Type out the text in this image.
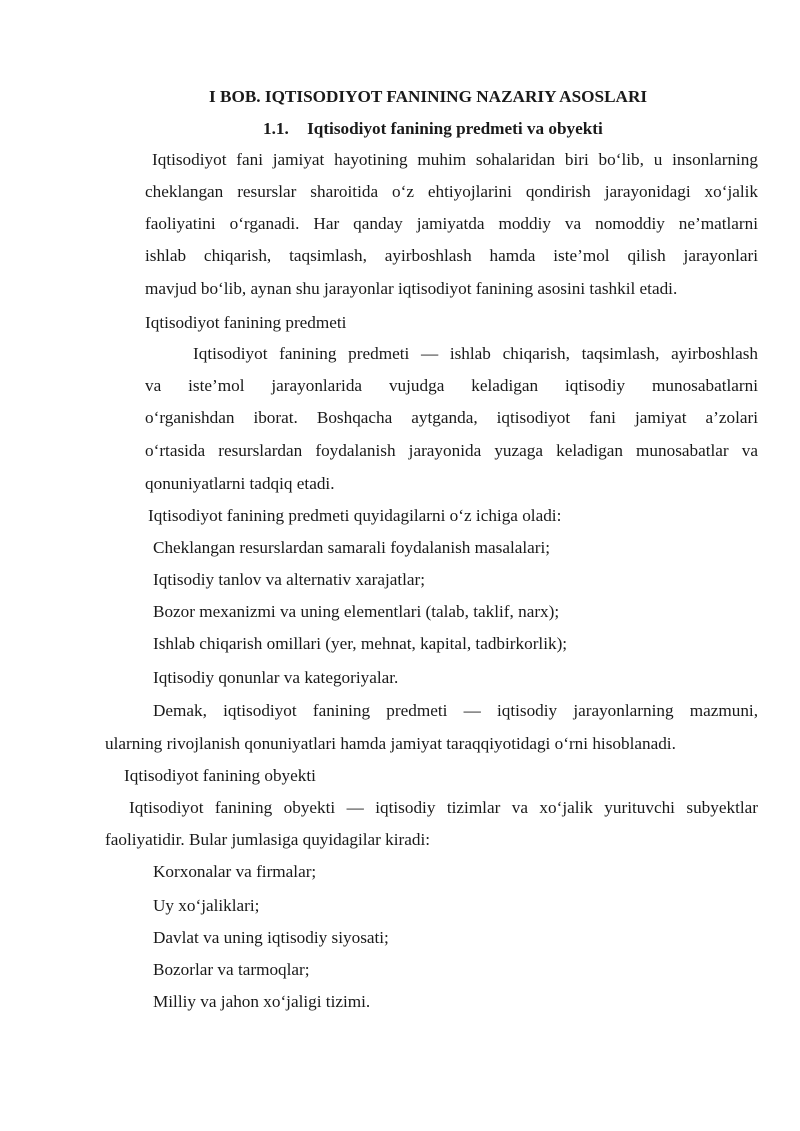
I BOB. IQTISODIYOT FANINING NAZARIY ASOSLARI
1.1. Iqtisodiyot fanining predmeti va obyekti
Iqtisodiyot fani jamiyat hayotining muhim sohalaridan biri bo‘lib, u insonlarning
cheklangan resurslar sharoitida o‘z ehtiyojlarini qondirish jarayonidagi xo‘jalik
faoliyatini o‘rganadi. Har qanday jamiyatda moddiy va nomoddiy ne’matlarni
ishlab chiqarish, taqsimlash, ayirboshlash hamda iste’mol qilish jarayonlari
mavjud bo‘lib, aynan shu jarayonlar iqtisodiyot fanining asosini tashkil etadi.
Iqtisodiyot fanining predmeti
Iqtisodiyot fanining predmeti — ishlab chiqarish, taqsimlash, ayirboshlash
va iste’mol jarayonlarida vujudga keladigan iqtisodiy munosabatlarni
o‘rganishdan iborat. Boshqacha aytganda, iqtisodiyot fani jamiyat a’zolari
o‘rtasida resurslardan foydalanish jarayonida yuzaga keladigan munosabatlar va
qonuniyatlarni tadqiq etadi.
Iqtisodiyot fanining predmeti quyidagilarni o‘z ichiga oladi:
Cheklangan resurslardan samarali foydalanish masalalari;
Iqtisodiy tanlov va alternativ xarajatlar;
Bozor mexanizmi va uning elementlari (talab, taklif, narx);
Ishlab chiqarish omillari (yer, mehnat, kapital, tadbirkorlik);
Iqtisodiy qonunlar va kategoriyalar.
Demak, iqtisodiyot fanining predmeti — iqtisodiy jarayonlarning mazmuni,
ularning rivojlanish qonuniyatlari hamda jamiyat taraqqiyotidagi o‘rni hisoblanadi.
Iqtisodiyot fanining obyekti
Iqtisodiyot fanining obyekti — iqtisodiy tizimlar va xo‘jalik yurituvchi subyektlar
faoliyatidir. Bular jumlasiga quyidagilar kiradi:
Korxonalar va firmalar;
Uy xo‘jaliklari;
Davlat va uning iqtisodiy siyosati;
Bozorlar va tarmoqlar;
Milliy va jahon xo‘jaligi tizimi.
